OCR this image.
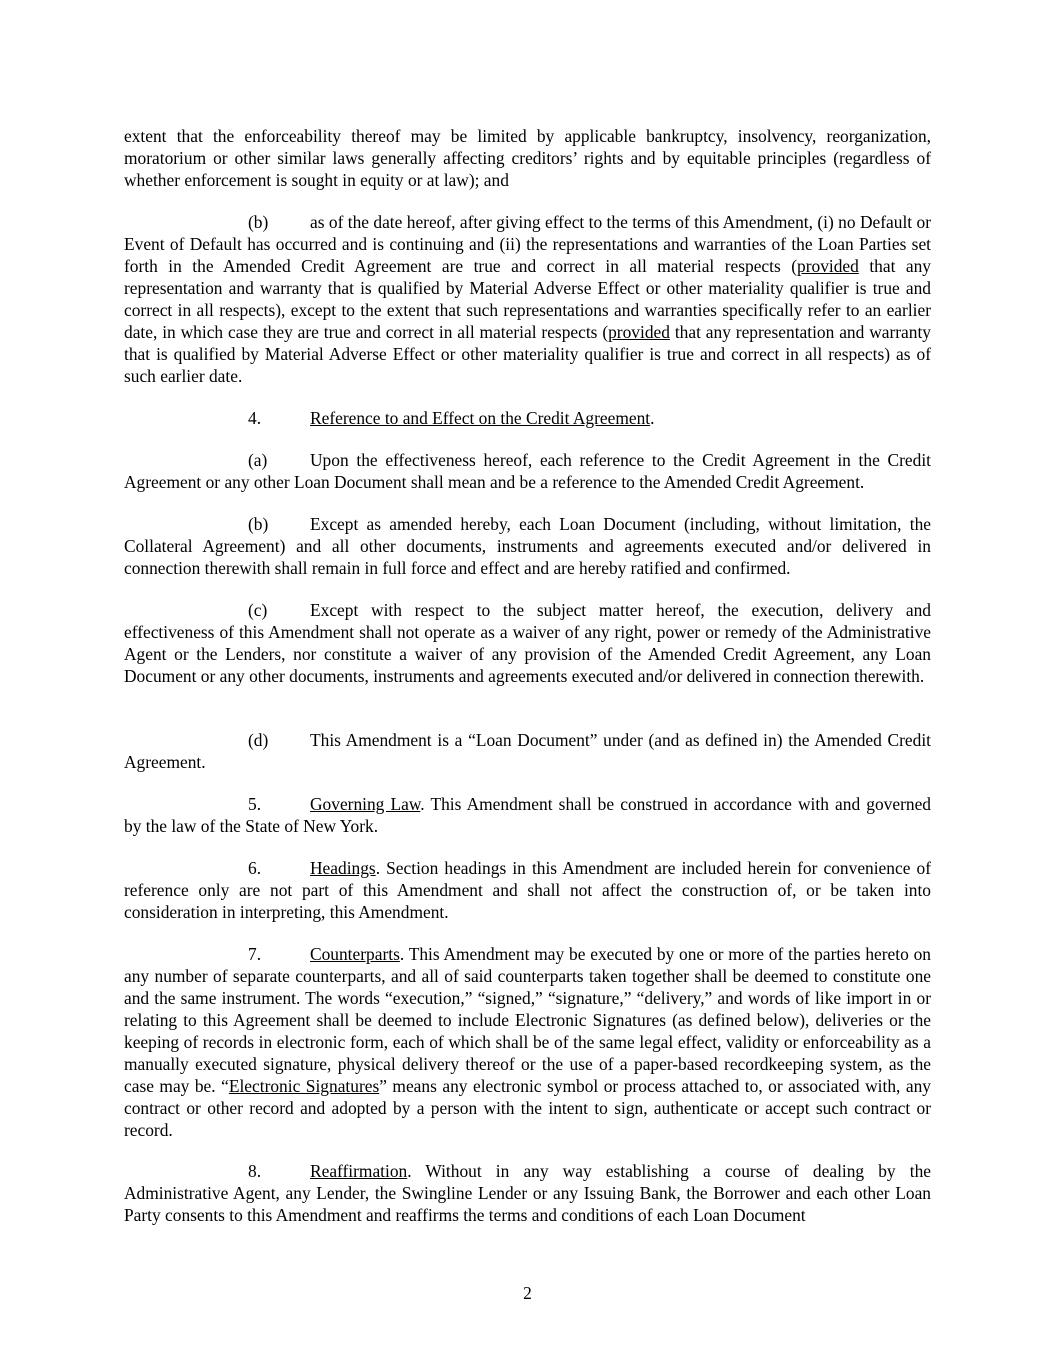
extent that the enforceability thereof may be limited by applicable bankruptcy, insolvency, reorganization, moratorium or other similar laws generally affecting creditors’ rights and by equitable principles (regardless of whether enforcement is sought in equity or at law); and

(b) as of the date hereof, after giving effect to the terms of this Amendment, (i) no Default or Event of Default has occurred and is continuing and (ii) the representations and warranties of the Loan Parties set forth in the Amended Credit Agreement are true and correct in all material respects (provided that any representation and warranty that is qualified by Material Adverse Effect or other materiality qualifier is true and correct in all respects), except to the extent that such representations and warranties specifically refer to an earlier date, in which case they are true and correct in all material respects (provided that any representation and warranty that is qualified by Material Adverse Effect or other materiality qualifier is true and correct in all respects) as of such earlier date.

4.	Reference to and Effect on the Credit Agreement.

(a) Upon the effectiveness hereof, each reference to the Credit Agreement in the Credit Agreement or any other Loan Document shall mean and be a reference to the Amended Credit Agreement.

(b) Except as amended hereby, each Loan Document (including, without limitation, the Collateral Agreement) and all other documents, instruments and agreements executed and/or delivered in connection therewith shall remain in full force and effect and are hereby ratified and confirmed.

(c) Except with respect to the subject matter hereof, the execution, delivery and effectiveness of this Amendment shall not operate as a waiver of any right, power or remedy of the Administrative Agent or the Lenders, nor constitute a waiver of any provision of the Amended Credit Agreement, any Loan Document or any other documents, instruments and agreements executed and/or delivered in connection therewith.

(d) This Amendment is a “Loan Document” under (and as defined in) the Amended Credit Agreement.

5.	Governing Law. This Amendment shall be construed in accordance with and governed by the law of the State of New York.

6.	Headings. Section headings in this Amendment are included herein for convenience of reference only are not part of this Amendment and shall not affect the construction of, or be taken into consideration in interpreting, this Amendment.

7.	Counterparts. This Amendment may be executed by one or more of the parties hereto on any number of separate counterparts, and all of said counterparts taken together shall be deemed to constitute one and the same instrument. The words “execution,” “signed,” “signature,” “delivery,” and words of like import in or relating to this Agreement shall be deemed to include Electronic Signatures (as defined below), deliveries or the keeping of records in electronic form, each of which shall be of the same legal effect, validity or enforceability as a manually executed signature, physical delivery thereof or the use of a paper-based recordkeeping system, as the case may be. “Electronic Signatures” means any electronic symbol or process attached to, or associated with, any contract or other record and adopted by a person with the intent to sign, authenticate or accept such contract or record.

8.	Reaffirmation. Without in any way establishing a course of dealing by the Administrative Agent, any Lender, the Swingline Lender or any Issuing Bank, the Borrower and each other Loan Party consents to this Amendment and reaffirms the terms and conditions of each Loan Document

2
